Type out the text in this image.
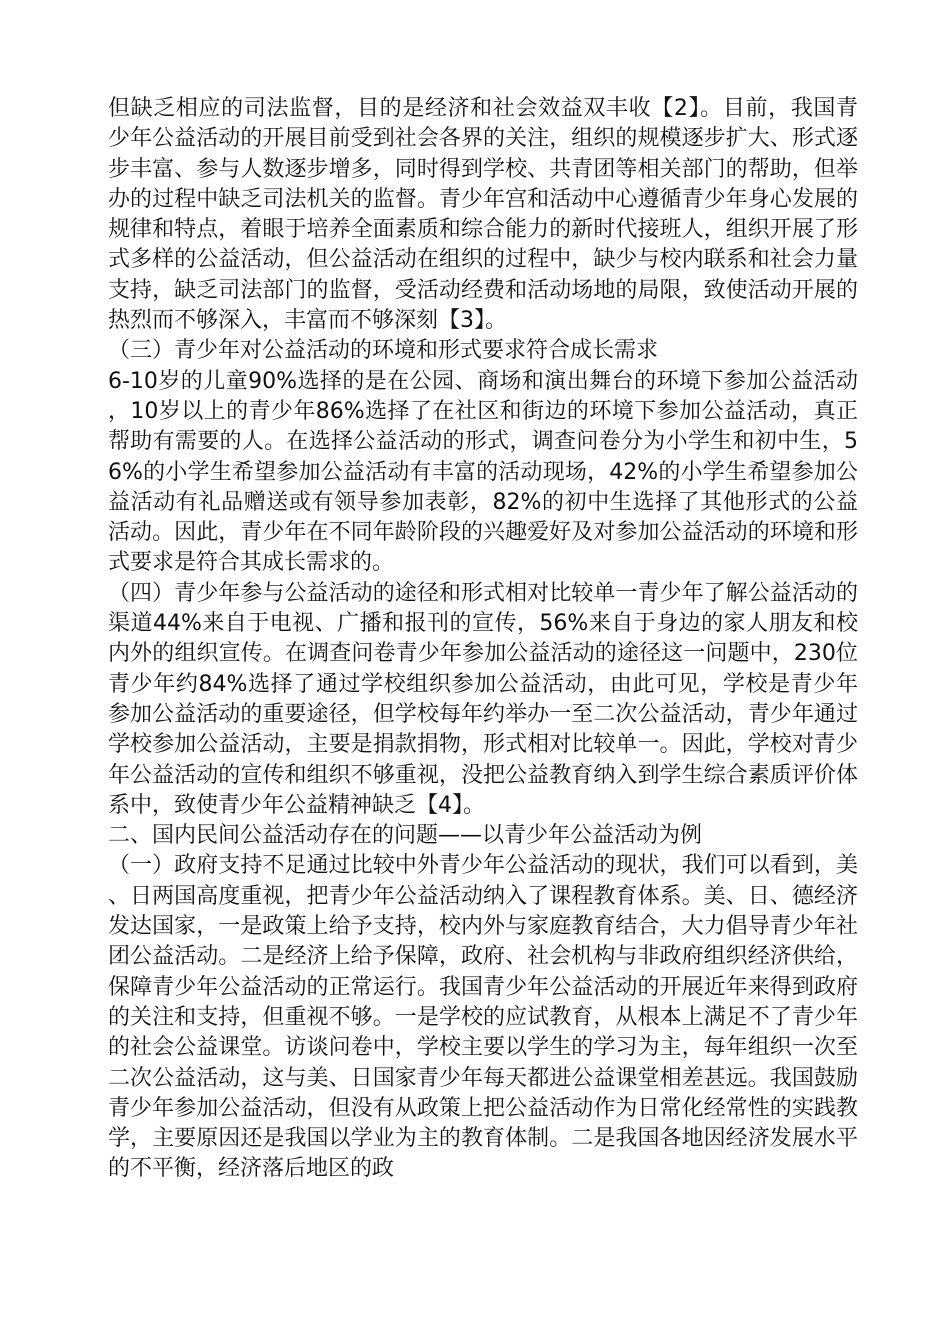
但缺乏相应的司法监督，目的是经济和社会效益双丰收【2】。目前，我国青少年公益活动的开展目前受到社会各界的关注，组织的规模逐步扩大、形式逐步丰富、参与人数逐步增多，同时得到学校、共青团等相关部门的帮助，但举办的过程中缺乏司法机关的监督。青少年宫和活动中心遵循青少年身心发展的规律和特点，着眼于培养全面素质和综合能力的新时代接班人，组织开展了形式多样的公益活动，但公益活动在组织的过程中，缺少与校内联系和社会力量支持，缺乏司法部门的监督，受活动经费和活动场地的局限，致使活动开展的热烈而不够深入，丰富而不够深刻【3】。

（三）青少年对公益活动的环境和形式要求符合成长需求

6-10岁的儿童90%选择的是在公园、商场和演出舞台的环境下参加公益活动，10岁以上的青少年86%选择了在社区和街边的环境下参加公益活动，真正帮助有需要的人。在选择公益活动的形式，调查问卷分为小学生和初中生，56%的小学生希望参加公益活动有丰富的活动现场，42%的小学生希望参加公益活动有礼品赠送或有领导参加表彰，82%的初中生选择了其他形式的公益活动。因此，青少年在不同年龄阶段的兴趣爱好及对参加公益活动的环境和形式要求是符合其成长需求的。

（四）青少年参与公益活动的途径和形式相对比较单一青少年了解公益活动的渠道44%来自于电视、广播和报刊的宣传，56%来自于身边的家人朋友和校内外的组织宣传。在调查问卷青少年参加公益活动的途径这一问题中，230位青少年约84%选择了通过学校组织参加公益活动，由此可见，学校是青少年参加公益活动的重要途径，但学校每年约举办一至二次公益活动，青少年通过学校参加公益活动，主要是捐款捐物，形式相对比较单一。因此，学校对青少年公益活动的宣传和组织不够重视，没把公益教育纳入到学生综合素质评价体系中，致使青少年公益精神缺乏【4】。

二、国内民间公益活动存在的问题——以青少年公益活动为例

（一）政府支持不足通过比较中外青少年公益活动的现状，我们可以看到，美、日两国高度重视，把青少年公益活动纳入了课程教育体系。美、日、德经济发达国家，一是政策上给予支持，校内外与家庭教育结合，大力倡导青少年社团公益活动。二是经济上给予保障，政府、社会机构与非政府组织经济供给，保障青少年公益活动的正常运行。我国青少年公益活动的开展近年来得到政府的关注和支持，但重视不够。一是学校的应试教育，从根本上满足不了青少年的社会公益课堂。访谈问卷中，学校主要以学生的学习为主，每年组织一次至二次公益活动，这与美、日国家青少年每天都进公益课堂相差甚远。我国鼓励青少年参加公益活动，但没有从政策上把公益活动作为日常化经常性的实践教学，主要原因还是我国以学业为主的教育体制。二是我国各地因经济发展水平的不平衡，经济落后地区的政
